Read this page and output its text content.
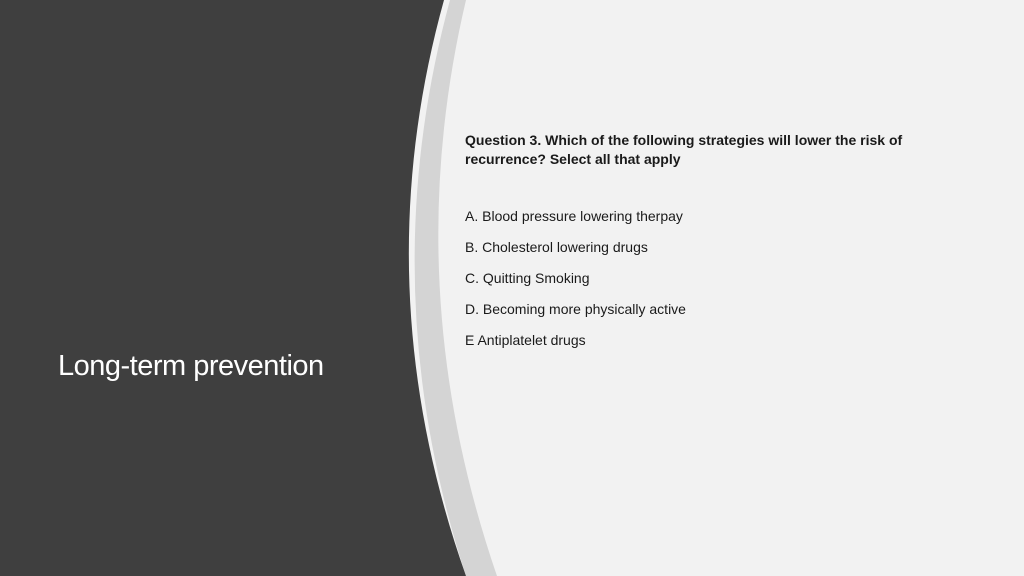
Long-term prevention
Question 3. Which of the following strategies will lower the risk of recurrence? Select all that apply
A. Blood pressure lowering therpay
B. Cholesterol lowering drugs
C. Quitting Smoking
D. Becoming more physically active
E Antiplatelet drugs
